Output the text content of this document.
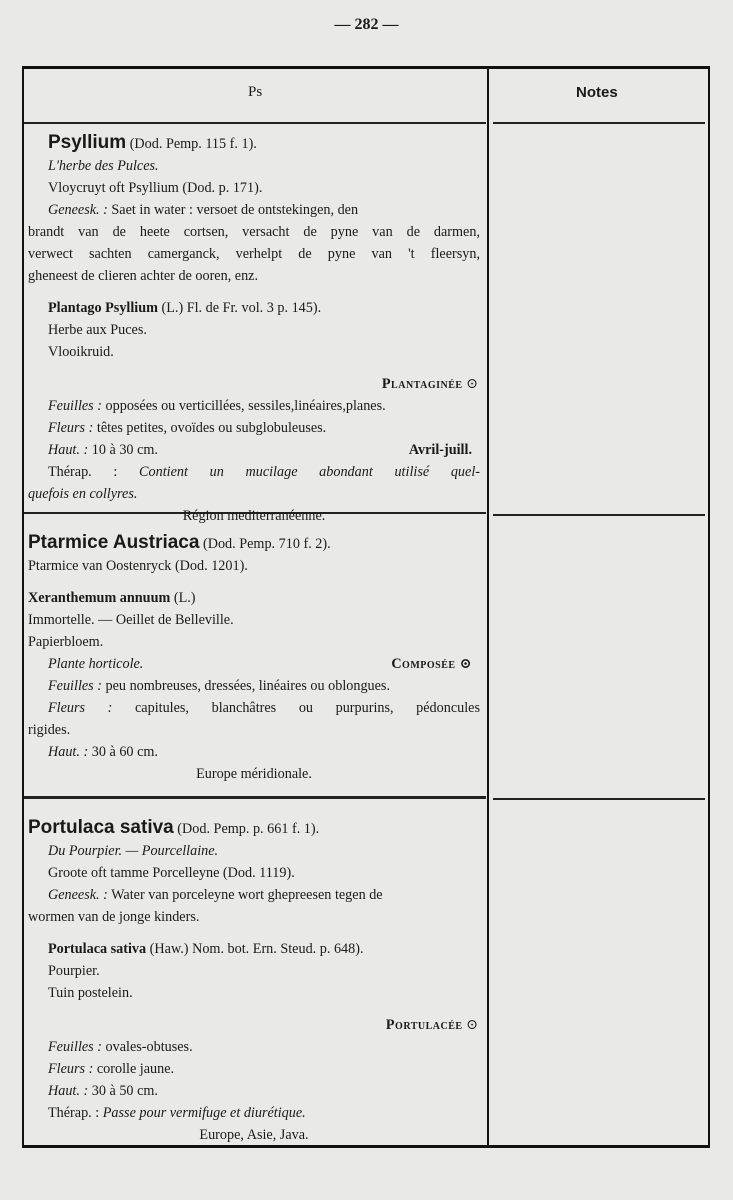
— 282 —
Ps	Notes
Psyllium (Dod. Pemp. 115 f. 1).
L'herbe des Pulces.
Vloycruyt oft Psyllium (Dod. p. 171).
Geneesk. : Saet in water : versoet de ontstekingen, den
brandt van de heete cortsen, versacht de pyne van de darmen,
verwect sachten camerganck, verhelpt de pyne van 't fleersyn,
gheneest de clieren achter de ooren, enz.
Plantago Psyllium (L.) Fl. de Fr. vol. 3 p. 145).
Herbe aux Puces.
Vlooikruid.
Plantaginée ⊙
Feuilles : opposées ou verticillées, sessiles,linéaires,planes.
Fleurs : têtes petites, ovoïdes ou subglobuleuses.
Haut. : 10 à 30 cm.	Avril-juill.
Thérap. : Contient un mucilage abondant utilisé quel-
quefois en collyres.
Région mediterranéenne.
Ptarmice Austriaca (Dod. Pemp. 710 f. 2).
Ptarmice van Oostenryck (Dod. 1201).
Xeranthemum annuum (L.)
Immortelle. — Oeillet de Belleville.
Papierbloem.
Plante horticole.	Composée ⊙
Feuilles : peu nombreuses, dressées, linéaires ou oblongues.
Fleurs : capitules, blanchâtres ou purpurins, pédoncules
rigides.
Haut. : 30 à 60 cm.
Europe méridionale.
Portulaca sativa (Dod. Pemp. p. 661 f. 1).
Du Pourpier. — Pourcellaine.
Groote oft tamme Porcelleyne (Dod. 1119).
Geneesk. : Water van porceleyne wort ghepreesen tegen de
wormen van de jonge kinders.
Portulaca sativa (Haw.) Nom. bot. Ern. Steud. p. 648).
Pourpier.
Tuin postelein.
Portulacée ⊙
Feuilles : ovales-obtuses.
Fleurs : corolle jaune.
Haut. : 30 à 50 cm.
Thérap. : Passe pour vermifuge et diurétique.
Europe, Asie, Java.
